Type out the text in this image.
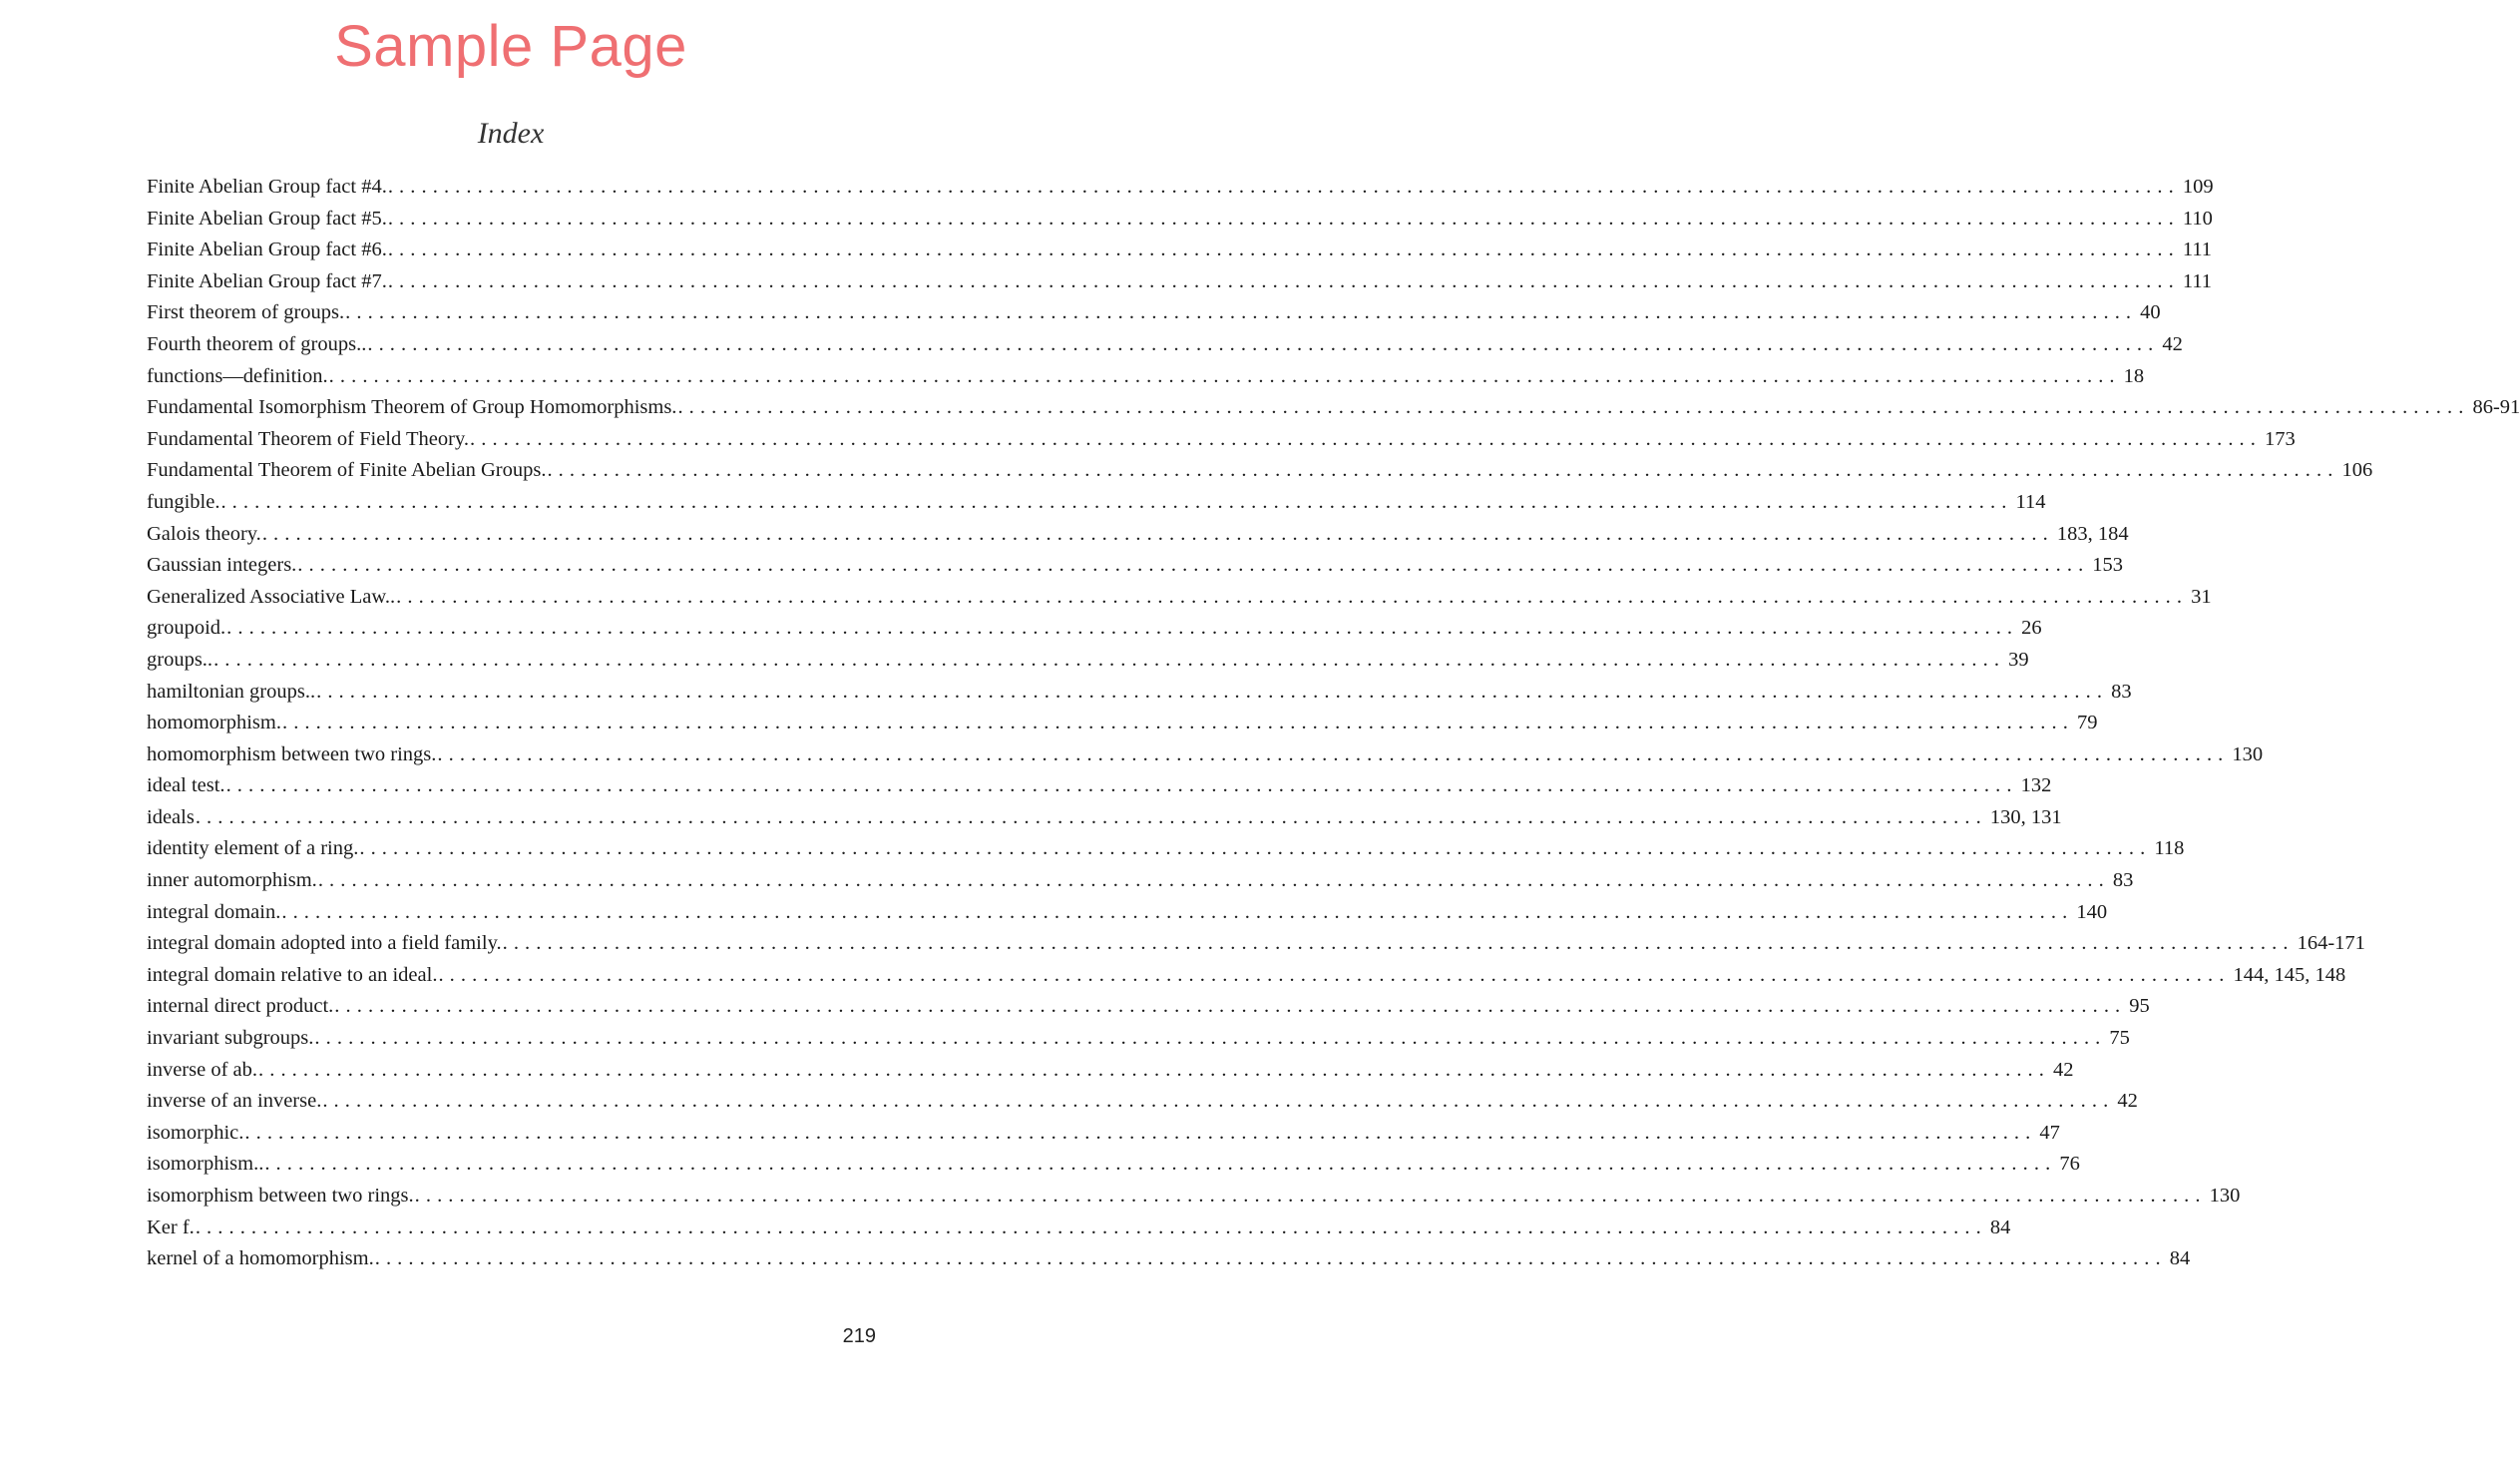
Sample Page
Index
Finite Abelian Group fact #4. ................................................................................................................................................................ 109
Finite Abelian Group fact #5. ................................................................................................................................................................ 110
Finite Abelian Group fact #6. ................................................................................................................................................................ 111
Finite Abelian Group fact #7. ................................................................................................................................................................ 111
First theorem of groups. ................................................................................................................................................................ 40
Fourth theorem of groups.. ................................................................................................................................................................ 42
functions—definition. ................................................................................................................................................................ 18
Fundamental Isomorphism Theorem of Group Homomorphisms. ................................................................................................................................................................ 86-91
Fundamental Theorem of Field Theory. ................................................................................................................................................................ 173
Fundamental Theorem of Finite Abelian Groups. ................................................................................................................................................................ 106
fungible. ................................................................................................................................................................ 114
Galois theory. ................................................................................................................................................................ 183, 184
Gaussian integers. ................................................................................................................................................................ 153
Generalized Associative Law.. ................................................................................................................................................................ 31
groupoid. ................................................................................................................................................................ 26
groups.. ................................................................................................................................................................ 39
hamiltonian groups.. ................................................................................................................................................................ 83
homomorphism. ................................................................................................................................................................ 79
homomorphism between two rings. ................................................................................................................................................................ 130
ideal test. ................................................................................................................................................................ 132
ideals ................................................................................................................................................................ 130, 131
identity element of a ring. ................................................................................................................................................................ 118
inner automorphism. ................................................................................................................................................................ 83
integral domain. ................................................................................................................................................................ 140
integral domain adopted into a field family. ................................................................................................................................................................ 164-171
integral domain relative to an ideal. ................................................................................................................................................................ 144, 145, 148
internal direct product. ................................................................................................................................................................ 95
invariant subgroups. ................................................................................................................................................................ 75
inverse of ab. ................................................................................................................................................................ 42
inverse of an inverse. ................................................................................................................................................................ 42
isomorphic. ................................................................................................................................................................ 47
isomorphism.. ................................................................................................................................................................ 76
isomorphism between two rings. ................................................................................................................................................................ 130
Ker f. ................................................................................................................................................................ 84
kernel of a homomorphism. ................................................................................................................................................................ 84
219
